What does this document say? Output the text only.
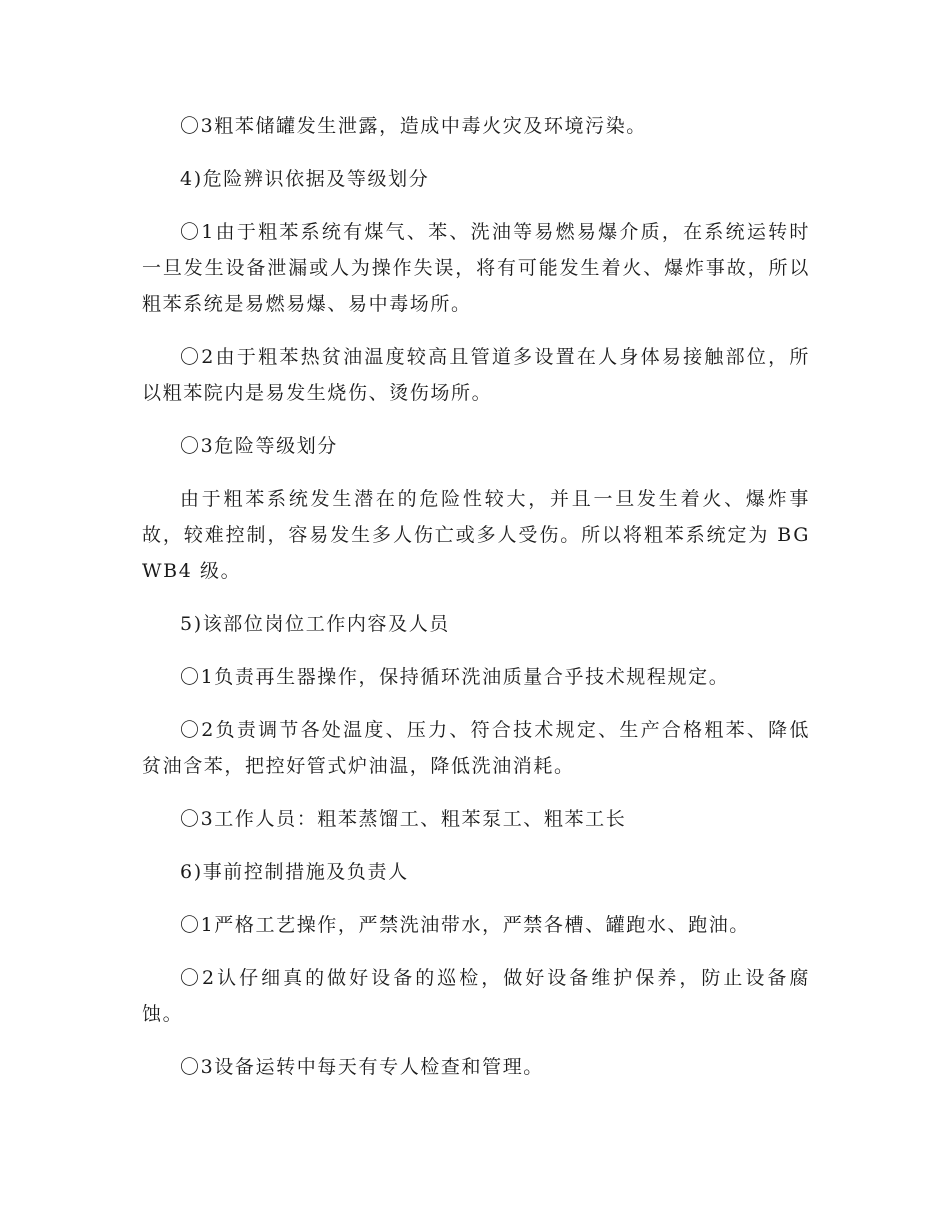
〇3粗苯储罐发生泄露，造成中毒火灾及环境污染。

4)危险辨识依据及等级划分

〇1由于粗苯系统有煤气、苯、洗油等易燃易爆介质，在系统运转时一旦发生设备泄漏或人为操作失误，将有可能发生着火、爆炸事故，所以粗苯系统是易燃易爆、易中毒场所。

〇2由于粗苯热贫油温度较高且管道多设置在人身体易接触部位，所以粗苯院内是易发生烧伤、烫伤场所。

〇3危险等级划分

由于粗苯系统发生潜在的危险性较大，并且一旦发生着火、爆炸事故，较难控制，容易发生多人伤亡或多人受伤。所以将粗苯系统定为 BGWB4 级。

5)该部位岗位工作内容及人员

〇1负责再生器操作，保持循环洗油质量合乎技术规程规定。

〇2负责调节各处温度、压力、符合技术规定、生产合格粗苯、降低贫油含苯，把控好管式炉油温，降低洗油消耗。

〇3工作人员：粗苯蒸馏工、粗苯泵工、粗苯工长

6)事前控制措施及负责人

〇1严格工艺操作，严禁洗油带水，严禁各槽、罐跑水、跑油。

〇2认仔细真的做好设备的巡检，做好设备维护保养，防止设备腐蚀。

〇3设备运转中每天有专人检查和管理。
